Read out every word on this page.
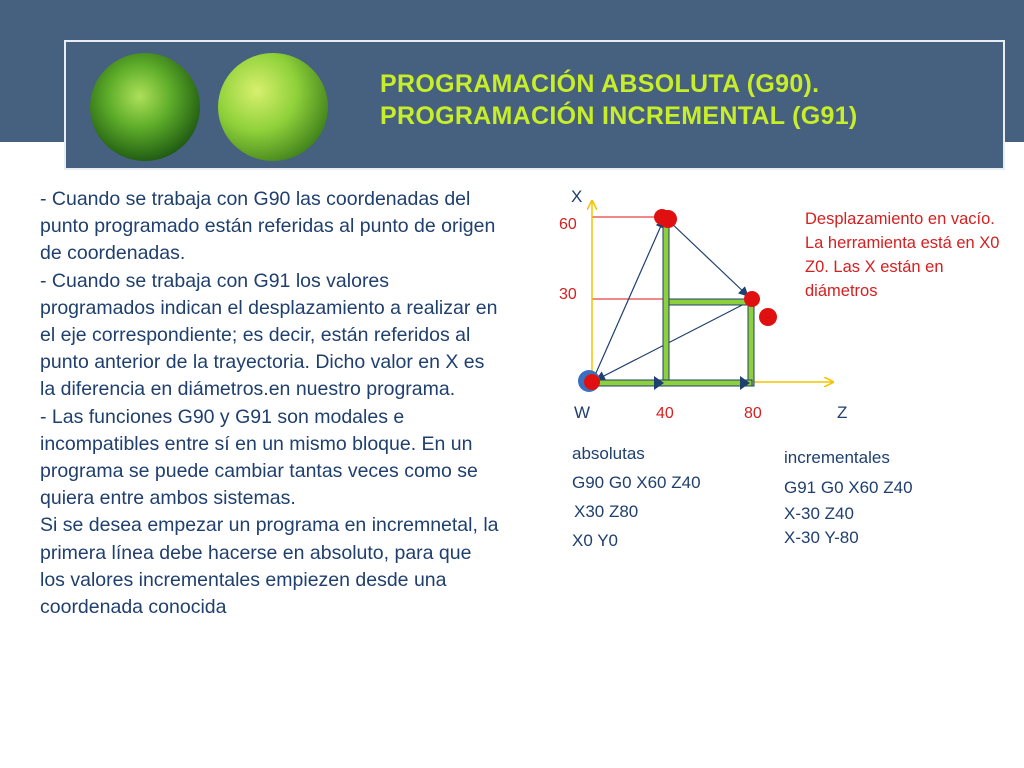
PROGRAMACIÓN ABSOLUTA (G90).
PROGRAMACIÓN INCREMENTAL (G91)

- Cuando se trabaja con G90 las coordenadas del punto programado están referidas al punto de origen de coordenadas.

- Cuando se trabaja con G91 los valores programados indican el desplazamiento a realizar en el eje correspondiente; es decir, están referidos al punto anterior de la trayectoria. Dicho valor en X es la diferencia en diámetros.en nuestro programa.

- Las funciones G90 y G91 son modales e incompatibles entre sí en un mismo bloque. En un programa se puede cambiar tantas veces como se quiera entre ambos sistemas.

Si se desea empezar un programa en incremnetal, la primera línea debe hacerse en absoluto, para que los valores incrementales empiezen desde una coordenada conocida

X
60
30
W	40	80	Z
Desplazamiento en vacío. La herramienta está en X0 Z0. Las X están en diámetros
absolutas
G90 G0 X60 Z40
X30 Z80
X0 Y0
incrementales
G91 G0 X60 Z40
X-30 Z40
X-30 Y-80
